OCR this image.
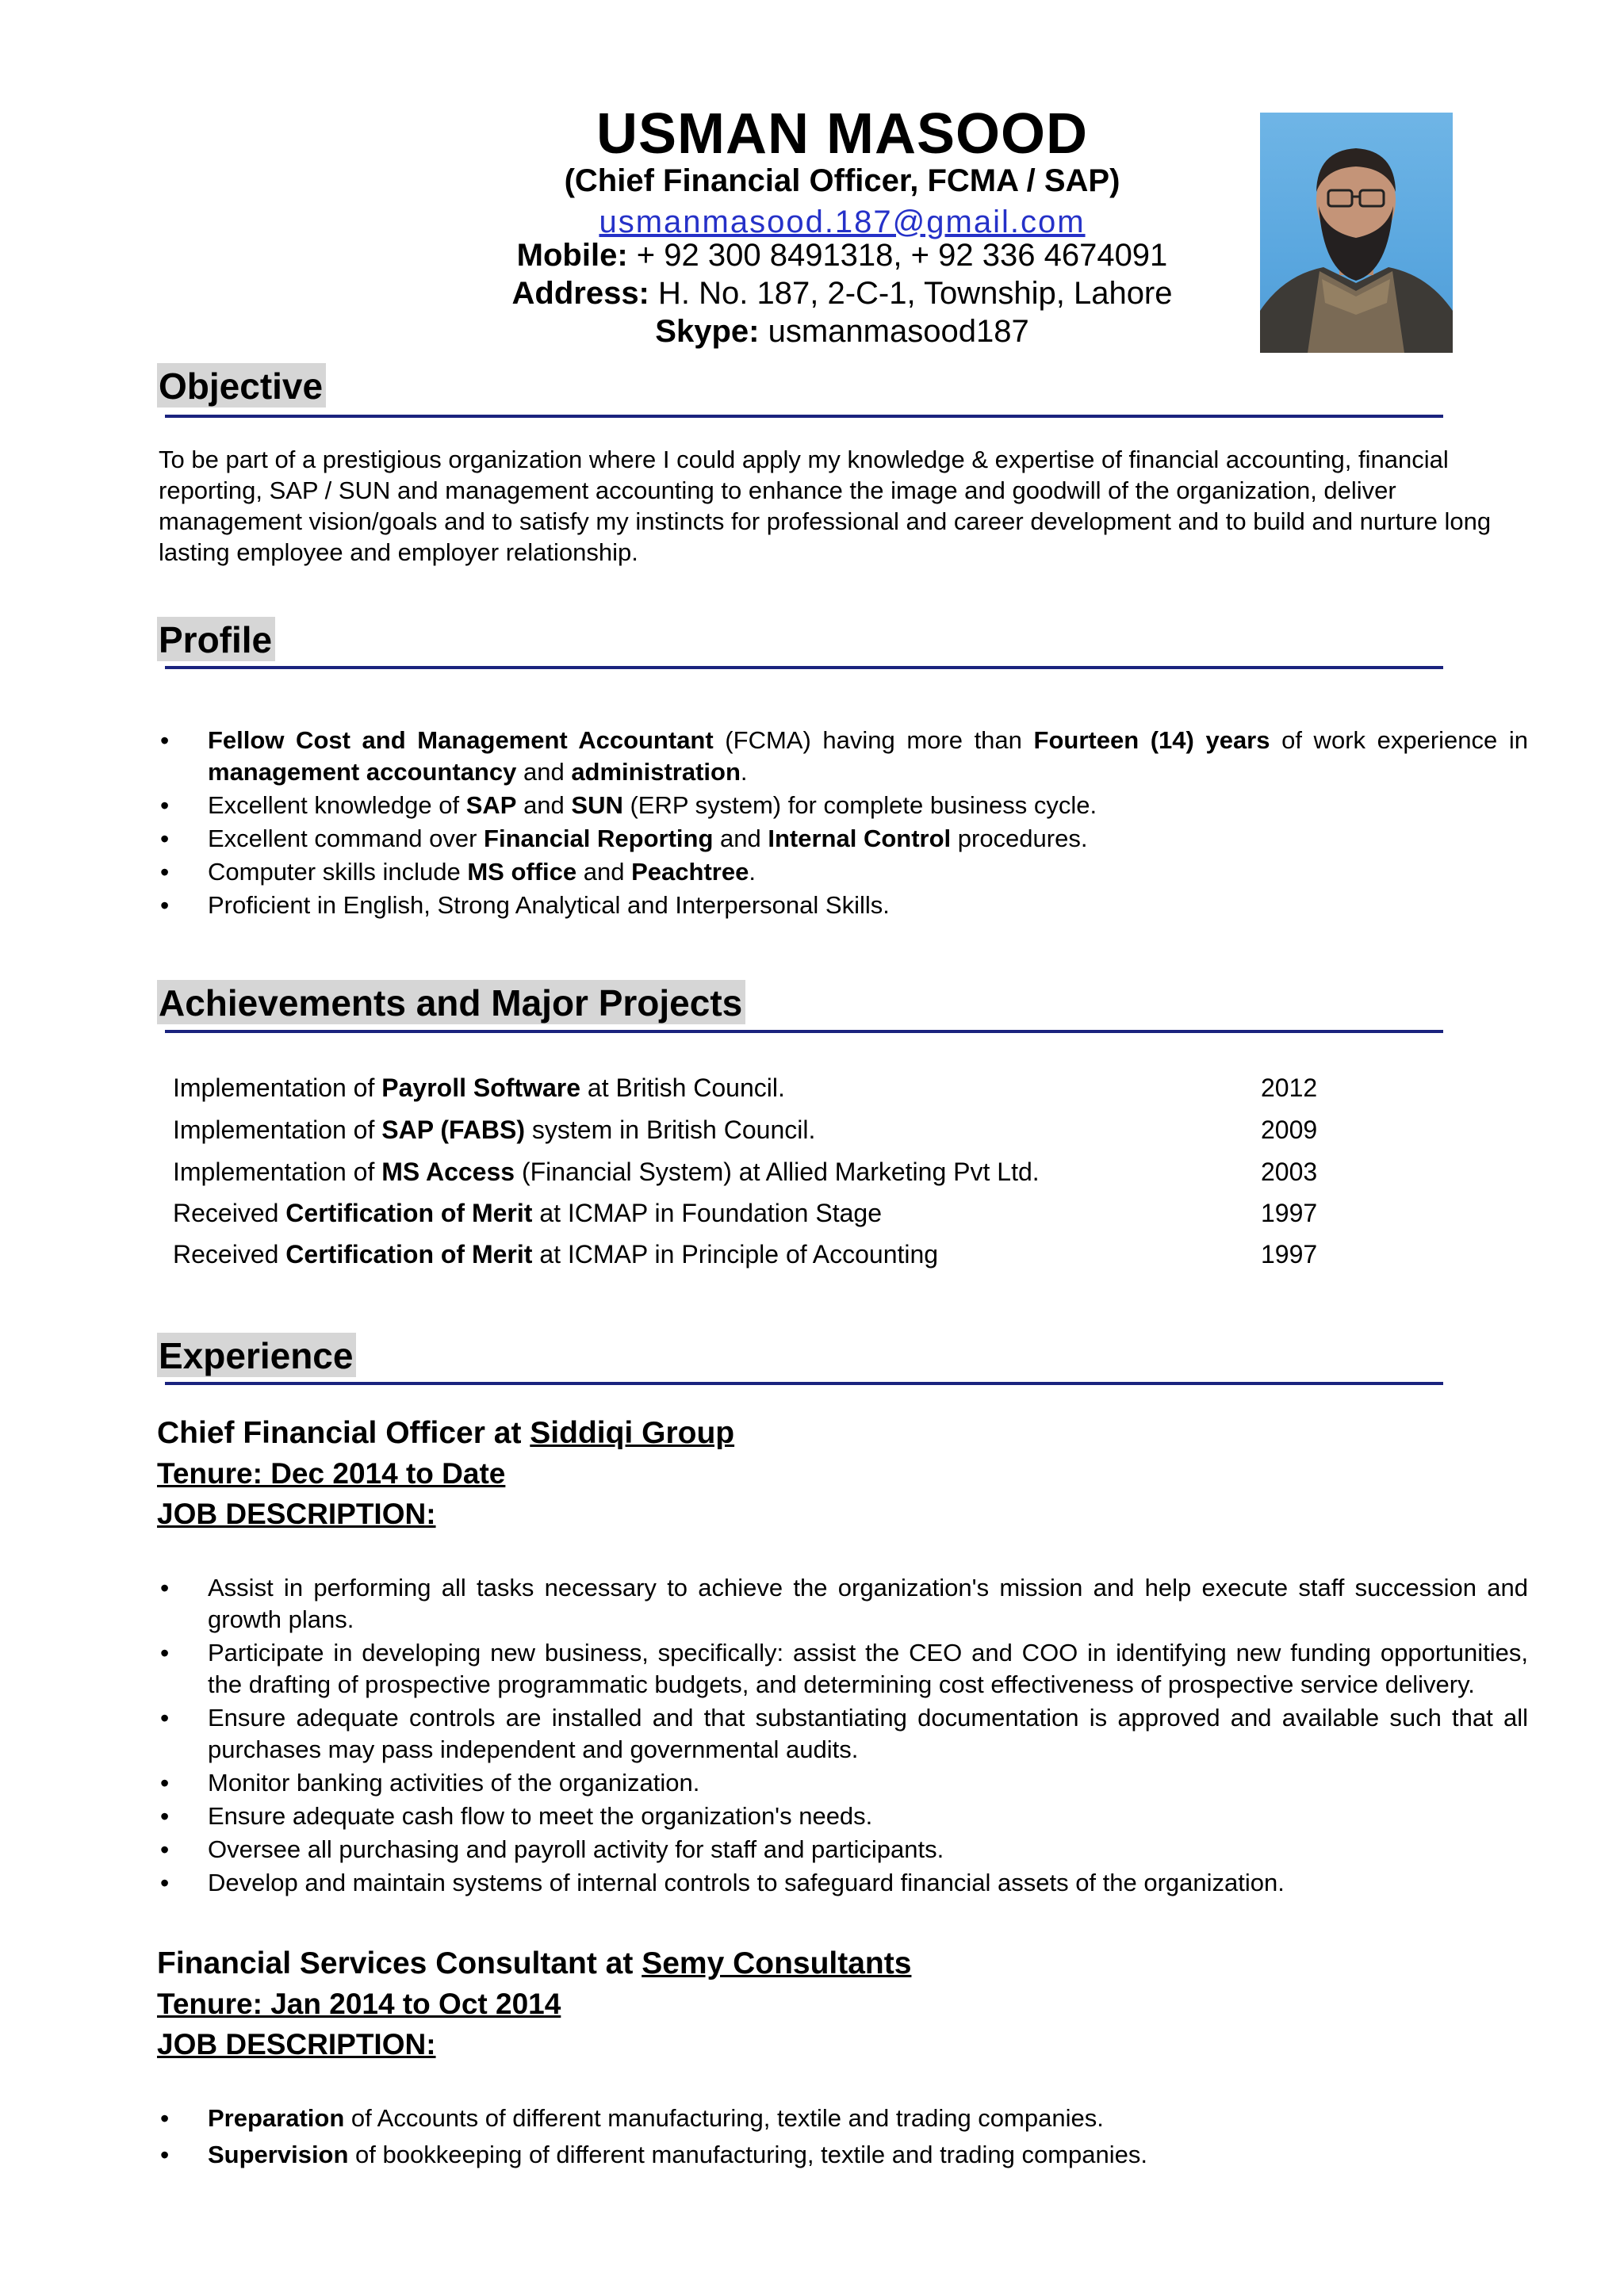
USMAN MASOOD
(Chief Financial Officer, FCMA / SAP)
usmanmasood.187@gmail.com
Mobile: + 92 300 8491318, + 92 336 4674091
Address: H. No. 187, 2-C-1, Township, Lahore
Skype: usmanmasood187
Objective
To be part of a prestigious organization where I could apply my knowledge & expertise of financial accounting, financial reporting, SAP / SUN and management accounting to enhance the image and goodwill of the organization, deliver management vision/goals and to satisfy my instincts for professional and career development and to build and nurture long lasting employee and employer relationship.
Profile
• Fellow Cost and Management Accountant (FCMA) having more than Fourteen (14) years of work experience in management accountancy and administration.
• Excellent knowledge of SAP and SUN (ERP system) for complete business cycle.
• Excellent command over Financial Reporting and Internal Control procedures.
• Computer skills include MS office and Peachtree.
• Proficient in English, Strong Analytical and Interpersonal Skills.
Achievements and Major Projects
Implementation of Payroll Software at British Council.	2012
Implementation of SAP (FABS) system in British Council.	2009
Implementation of MS Access (Financial System) at Allied Marketing Pvt Ltd.	2003
Received Certification of Merit at ICMAP in Foundation Stage	1997
Received Certification of Merit at ICMAP in Principle of Accounting	1997
Experience
Chief Financial Officer at Siddiqi Group
Tenure: Dec 2014 to Date
JOB DESCRIPTION:
• Assist in performing all tasks necessary to achieve the organization's mission and help execute staff succession and growth plans.
• Participate in developing new business, specifically: assist the CEO and COO in identifying new funding opportunities, the drafting of prospective programmatic budgets, and determining cost effectiveness of prospective service delivery.
• Ensure adequate controls are installed and that substantiating documentation is approved and available such that all purchases may pass independent and governmental audits.
• Monitor banking activities of the organization.
• Ensure adequate cash flow to meet the organization's needs.
• Oversee all purchasing and payroll activity for staff and participants.
• Develop and maintain systems of internal controls to safeguard financial assets of the organization.
Financial Services Consultant at Semy Consultants
Tenure: Jan 2014 to Oct 2014
JOB DESCRIPTION:
• Preparation of Accounts of different manufacturing, textile and trading companies.
• Supervision of bookkeeping of different manufacturing, textile and trading companies.
